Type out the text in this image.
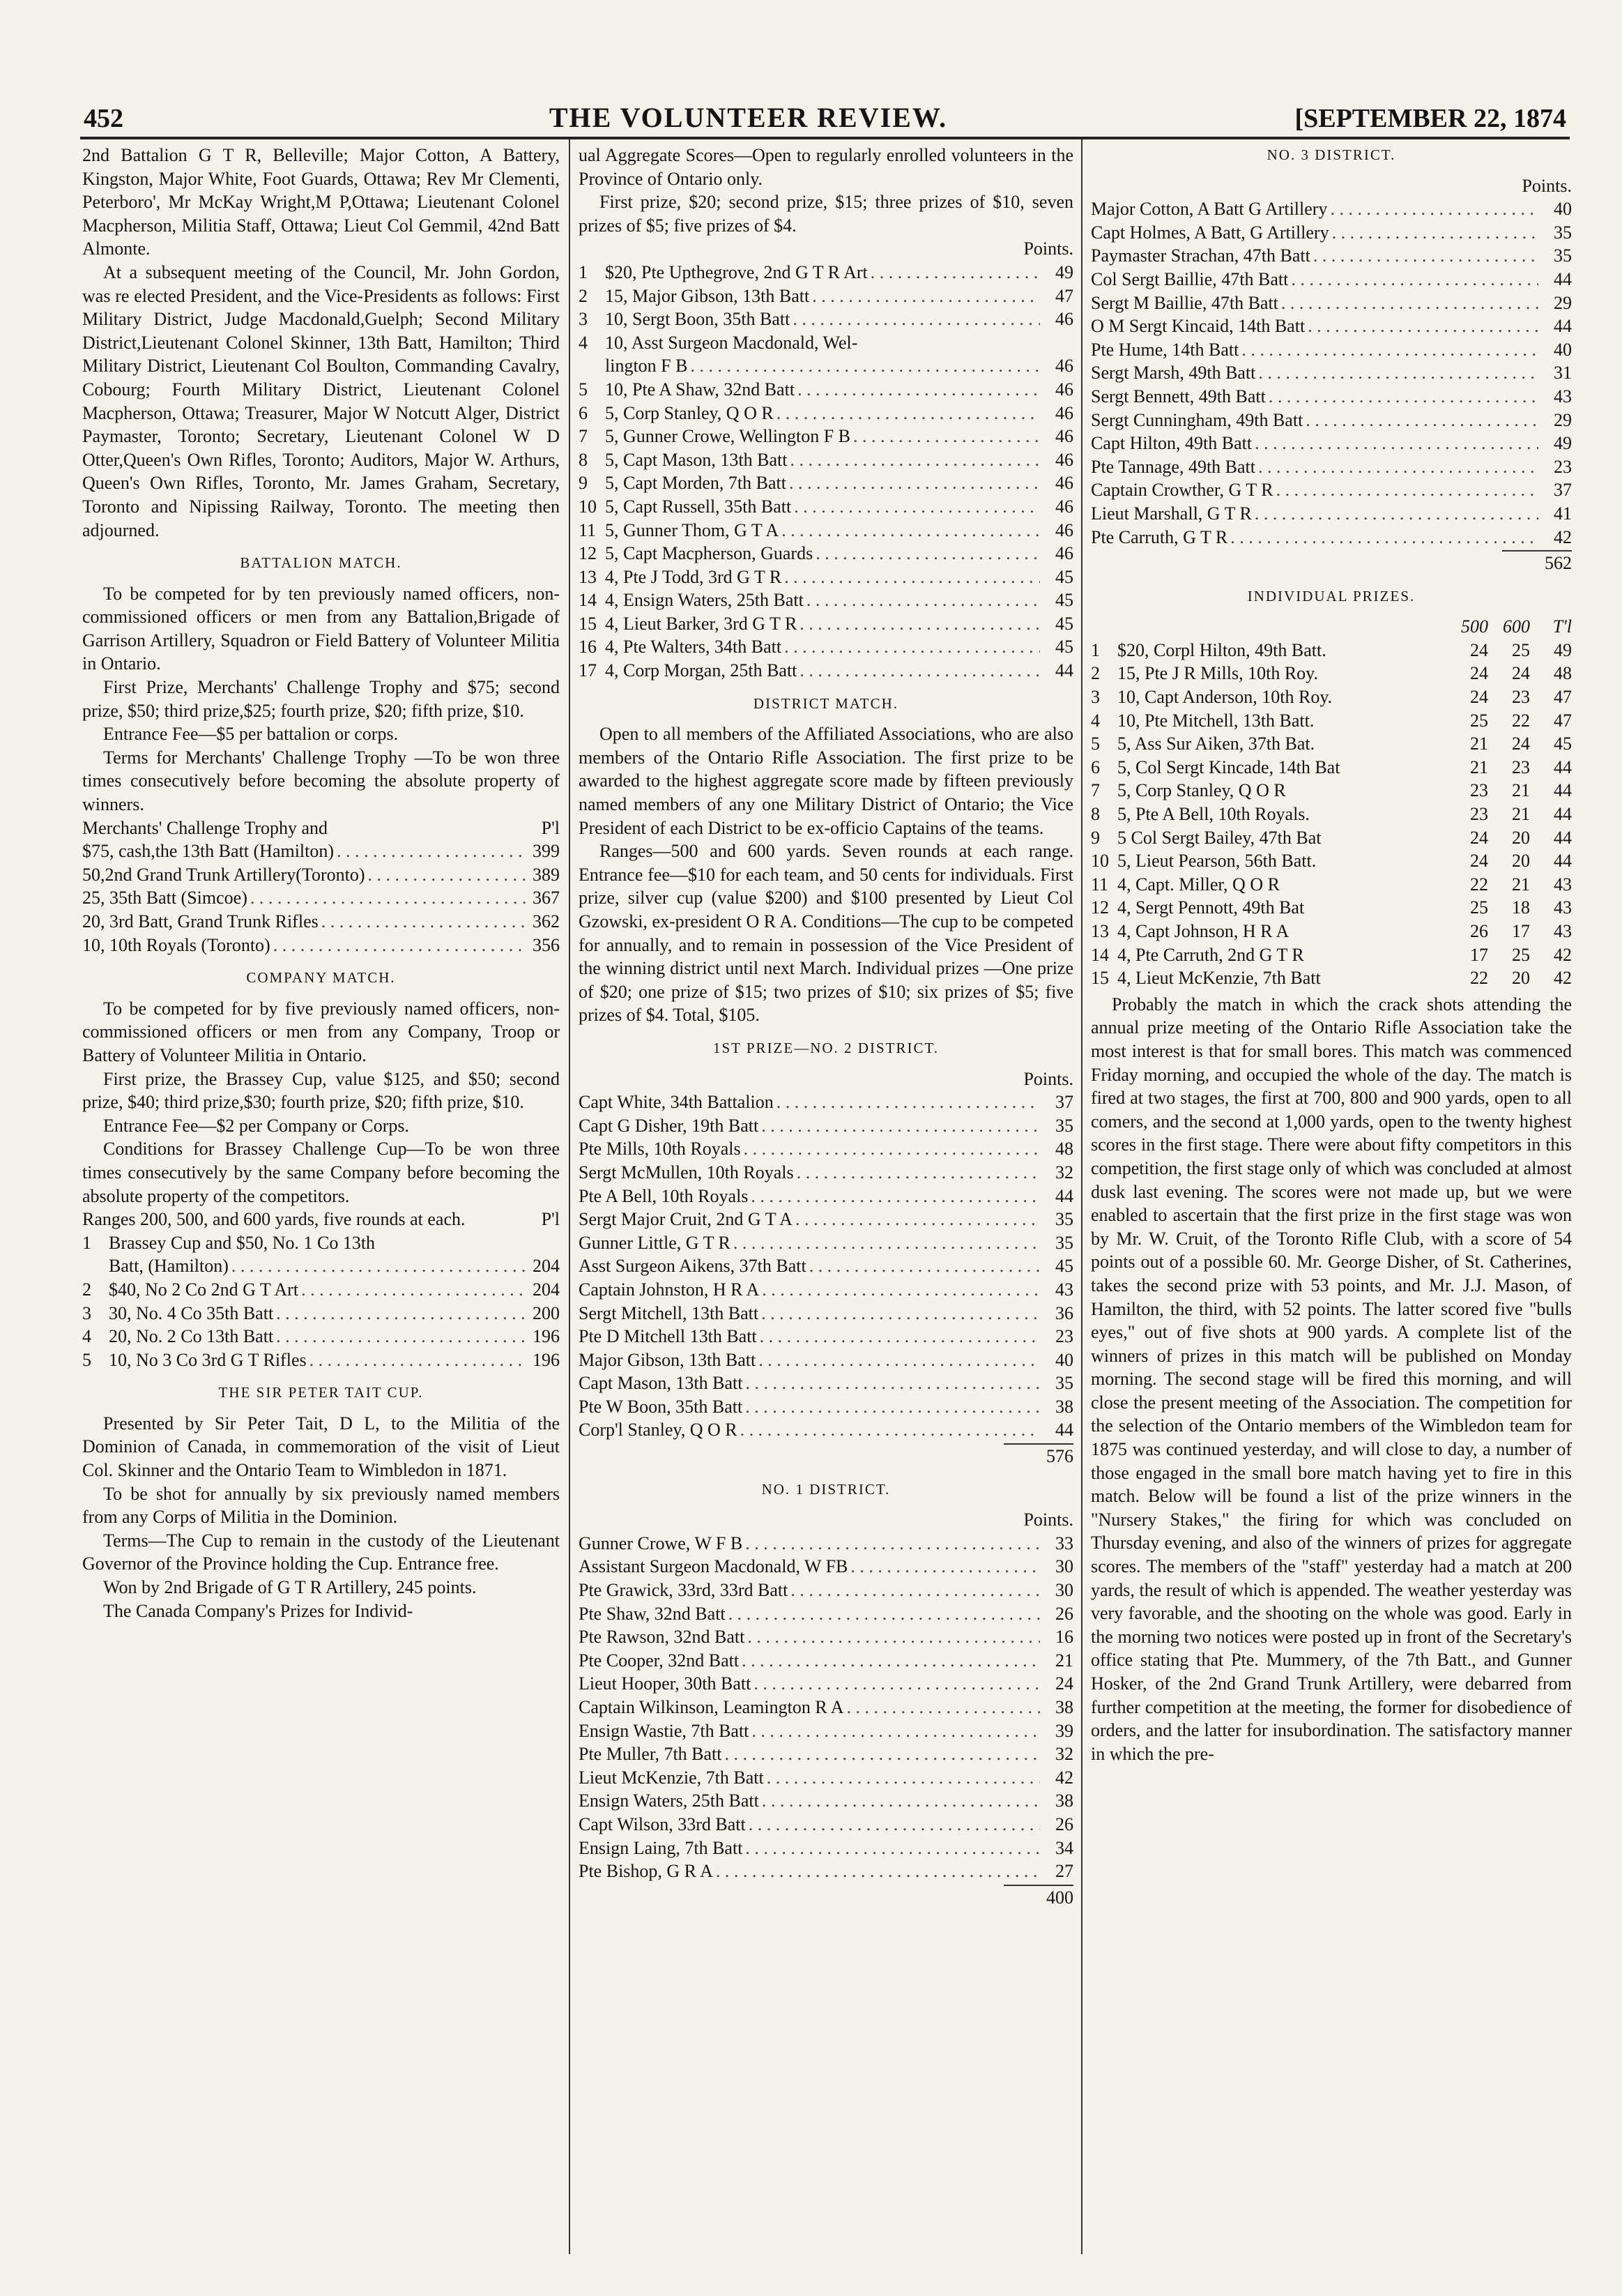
452	THE VOLUNTEER REVIEW.	[SEPTEMBER 22, 1874

2nd Battalion G T R, Belleville; Major Cotton, A Battery, Kingston, Major White, Foot Guards, Ottawa; Rev Mr Clementi, Peterboro', Mr McKay Wright,M P,Ottawa; Lieutenant Colonel Macpherson, Militia Staff, Ottawa; Lieut Col Gemmil, 42nd Batt Almonte.

At a subsequent meeting of the Council, Mr. John Gordon, was re elected President, and the Vice-Presidents as follows: First Military District, Judge Macdonald,Guelph; Second Military District,Lieutenant Colonel Skinner, 13th Batt, Hamilton; Third Military District, Lieutenant Col Boulton, Commanding Cavalry, Cobourg; Fourth Military District, Lieutenant Colonel Macpherson, Ottawa; Treasurer, Major W Notcutt Alger, District Paymaster, Toronto; Secretary, Lieutenant Colonel W D Otter,Queen's Own Rifles, Toronto; Auditors, Major W. Arthurs, Queen's Own Rifles, Toronto, Mr. James Graham, Secretary, Toronto and Nipissing Railway, Toronto. The meeting then adjourned.

BATTALION MATCH.

To be competed for by ten previously named officers, non-commissioned officers or men from any Battalion,Brigade of Garrison Artillery, Squadron or Field Battery of Volunteer Militia in Ontario.

First Prize, Merchants' Challenge Trophy and $75; second prize, $50; third prize,$25; fourth prize, $20; fifth prize, $10.

Entrance Fee—$5 per battalion or corps.

Terms for Merchants' Challenge Trophy —To be won three times consecutively before becoming the absolute property of winners.

Merchants' Challenge Trophy and	P'l
$75, cash,the 13th Batt (Hamilton) . . .	399
50,2nd Grand Trunk Artillery(Toronto) . . .	389
25, 35th Batt (Simcoe) . . .	367
20, 3rd Batt, Grand Trunk Rifles . . .	362
10, 10th Royals (Toronto) . . .	356
COMPANY MATCH.

To be competed for by five previously named officers, non-commissioned officers or men from any Company, Troop or Battery of Volunteer Militia in Ontario.

First prize, the Brassey Cup, value $125, and $50; second prize, $40; third prize,$30; fourth prize, $20; fifth prize, $10.

Entrance Fee—$2 per Company or Corps.

Conditions for Brassey Challenge Cup—To be won three times consecutively by the same Company before becoming the absolute property of the competitors.

Ranges 200, 500, and 600 yards, five rounds at each.	P'l
1 Brassey Cup and $50, No. 1 Co 13th
Batt, (Hamilton) . . .	204
2 $40, No 2 Co 2nd G T Art . . .	204
3 30, No. 4 Co 35th Batt . . .	200
4 20, No. 2 Co 13th Batt . . .	196
5 10, No 3 Co 3rd G T Rifles . . .	196
THE SIR PETER TAIT CUP.

Presented by Sir Peter Tait, D L, to the Militia of the Dominion of Canada, in commemoration of the visit of Lieut Col. Skinner and the Ontario Team to Wimbledon in 1871.

To be shot for annually by six previously named members from any Corps of Militia in the Dominion.

Terms—The Cup to remain in the custody of the Lieutenant Governor of the Province holding the Cup. Entrance free.

Won by 2nd Brigade of G T R Artillery, 245 points.

The Canada Company's Prizes for Individ-

ual Aggregate Scores—Open to regularly enrolled volunteers in the Province of Ontario only.

First prize, $20; second prize, $15; three prizes of $10, seven prizes of $5; five prizes of $4.

Points.
1 $20, Pte Upthegrove, 2nd G T R Art . . .	49
2 15, Major Gibson, 13th Batt . . .	47
3 10, Sergt Boon, 35th Batt . . .	46
4 10, Asst Surgeon Macdonald, Wel-
lington F B . . .	46
5 10, Pte A Shaw, 32nd Batt . . .	46
6 5, Corp Stanley, Q O R . . .	46
7 5, Gunner Crowe, Wellington F B . . .	46
8 5, Capt Mason, 13th Batt . . .	46
9 5, Capt Morden, 7th Batt . . .	46
10 5, Capt Russell, 35th Batt . . .	46
11 5, Gunner Thom, G T A . . .	46
12 5, Capt Macpherson, Guards . . .	46
13 4, Pte J Todd, 3rd G T R . . .	45
14 4, Ensign Waters, 25th Batt . . .	45
15 4, Lieut Barker, 3rd G T R . . .	45
16 4, Pte Walters, 34th Batt . . .	45
17 4, Corp Morgan, 25th Batt . . .	44
DISTRICT MATCH.

Open to all members of the Affiliated Associations, who are also members of the Ontario Rifle Association. The first prize to be awarded to the highest aggregate score made by fifteen previously named members of any one Military District of Ontario; the Vice President of each District to be ex-officio Captains of the teams.

Ranges—500 and 600 yards. Seven rounds at each range. Entrance fee—$10 for each team, and 50 cents for individuals. First prize, silver cup (value $200) and $100 presented by Lieut Col Gzowski, ex-president O R A. Conditions—The cup to be competed for annually, and to remain in possession of the Vice President of the winning district until next March. Individual prizes —One prize of $20; one prize of $15; two prizes of $10; six prizes of $5; five prizes of $4. Total, $105.

1ST PRIZE—NO. 2 DISTRICT.
Points.
Capt White, 34th Battalion . . .	37
Capt G Disher, 19th Batt . . .	35
Pte Mills, 10th Royals . . .	48
Sergt McMullen, 10th Royals . . .	32
Pte A Bell, 10th Royals . . .	44
Sergt Major Cruit, 2nd G T A . . .	35
Gunner Little, G T R . . .	35
Asst Surgeon Aikens, 37th Batt . . .	45
Captain Johnston, H R A . . .	43
Sergt Mitchell, 13th Batt . . .	36
Pte D Mitchell 13th Batt . . .	23
Major Gibson, 13th Batt . . .	40
Capt Mason, 13th Batt . . .	35
Pte W Boon, 35th Batt . . .	38
Corp'l Stanley, Q O R . . .	44
576
NO. 1 DISTRICT.
Points.
Gunner Crowe, W F B . . .	33
Assistant Surgeon Macdonald, W FB . . .	30
Pte Grawick, 33rd, 33rd Batt . . .	30
Pte Shaw, 32nd Batt . . .	26
Pte Rawson, 32nd Batt . . .	16
Pte Cooper, 32nd Batt . . .	21
Lieut Hooper, 30th Batt . . .	24
Captain Wilkinson, Leamington R A . . .	38
Ensign Wastie, 7th Batt . . .	39
Pte Muller, 7th Batt . . .	32
Lieut McKenzie, 7th Batt . . .	42
Ensign Waters, 25th Batt . . .	38
Capt Wilson, 33rd Batt . . .	26
Ensign Laing, 7th Batt . . .	34
Pte Bishop, G R A . . .	27
400
NO. 3 DISTRICT.
Points.
Major Cotton, A Batt G Artillery . . .	40
Capt Holmes, A Batt, G Artillery . . .	35
Paymaster Strachan, 47th Batt . . .	35
Col Sergt Baillie, 47th Batt . . .	44
Sergt M Baillie, 47th Batt . . .	29
O M Sergt Kincaid, 14th Batt . . .	44
Pte Hume, 14th Batt . . .	40
Sergt Marsh, 49th Batt . . .	31
Sergt Bennett, 49th Batt . . .	43
Sergt Cunningham, 49th Batt . . .	29
Capt Hilton, 49th Batt . . .	49
Pte Tannage, 49th Batt . . .	23
Captain Crowther, G T R . . .	37
Lieut Marshall, G T R . . .	41
Pte Carruth, G T R . . .	42
562
INDIVIDUAL PRIZES.
500 600	T'l
1 $20, Corpl Hilton, 49th Batt.	24	25	49
2 15, Pte J R Mills, 10th Roy.	24	24	48
3 10, Capt Anderson, 10th Roy.	24	23	47
4 10, Pte Mitchell, 13th Batt.	25	22	47
5 5, Ass Sur Aiken, 37th Bat.	21	24	45
6 5, Col Sergt Kincade, 14th Bat	21	23	44
7 5, Corp Stanley, Q O R	23	21	44
8 5, Pte A Bell, 10th Royals.	23	21	44
9 5 Col Sergt Bailey, 47th Bat	24	20	44
10 5, Lieut Pearson, 56th Batt.	24	20	44
11 4, Capt. Miller, Q O R	22	21	43
12 4, Sergt Pennott, 49th Bat	25	18	43
13 4, Capt Johnson, H R A	26	17	43
14 4, Pte Carruth, 2nd G T R	17	25	42
15 4, Lieut McKenzie, 7th Batt	22	20	42

Probably the match in which the crack shots attending the annual prize meeting of the Ontario Rifle Association take the most interest is that for small bores. This match was commenced Friday morning, and occupied the whole of the day. The match is fired at two stages, the first at 700, 800 and 900 yards, open to all comers, and the second at 1,000 yards, open to the twenty highest scores in the first stage. There were about fifty competitors in this competition, the first stage only of which was concluded at almost dusk last evening. The scores were not made up, but we were enabled to ascertain that the first prize in the first stage was won by Mr. W. Cruit, of the Toronto Rifle Club, with a score of 54 points out of a possible 60. Mr. George Disher, of St. Catherines, takes the second prize with 53 points, and Mr. J.J. Mason, of Hamilton, the third, with 52 points. The latter scored five "bulls eyes," out of five shots at 900 yards. A complete list of the winners of prizes in this match will be published on Monday morning. The second stage will be fired this morning, and will close the present meeting of the Association. The competition for the selection of the Ontario members of the Wimbledon team for 1875 was continued yesterday, and will close to day, a number of those engaged in the small bore match having yet to fire in this match. Below will be found a list of the prize winners in the "Nursery Stakes," the firing for which was concluded on Thursday evening, and also of the winners of prizes for aggregate scores. The members of the "staff" yesterday had a match at 200 yards, the result of which is appended. The weather yesterday was very favorable, and the shooting on the whole was good. Early in the morning two notices were posted up in front of the Secretary's office stating that Pte. Mummery, of the 7th Batt., and Gunner Hosker, of the 2nd Grand Trunk Artillery, were debarred from further competition at the meeting, the former for disobedience of orders, and the latter for insubordination. The satisfactory manner in which the pre-
